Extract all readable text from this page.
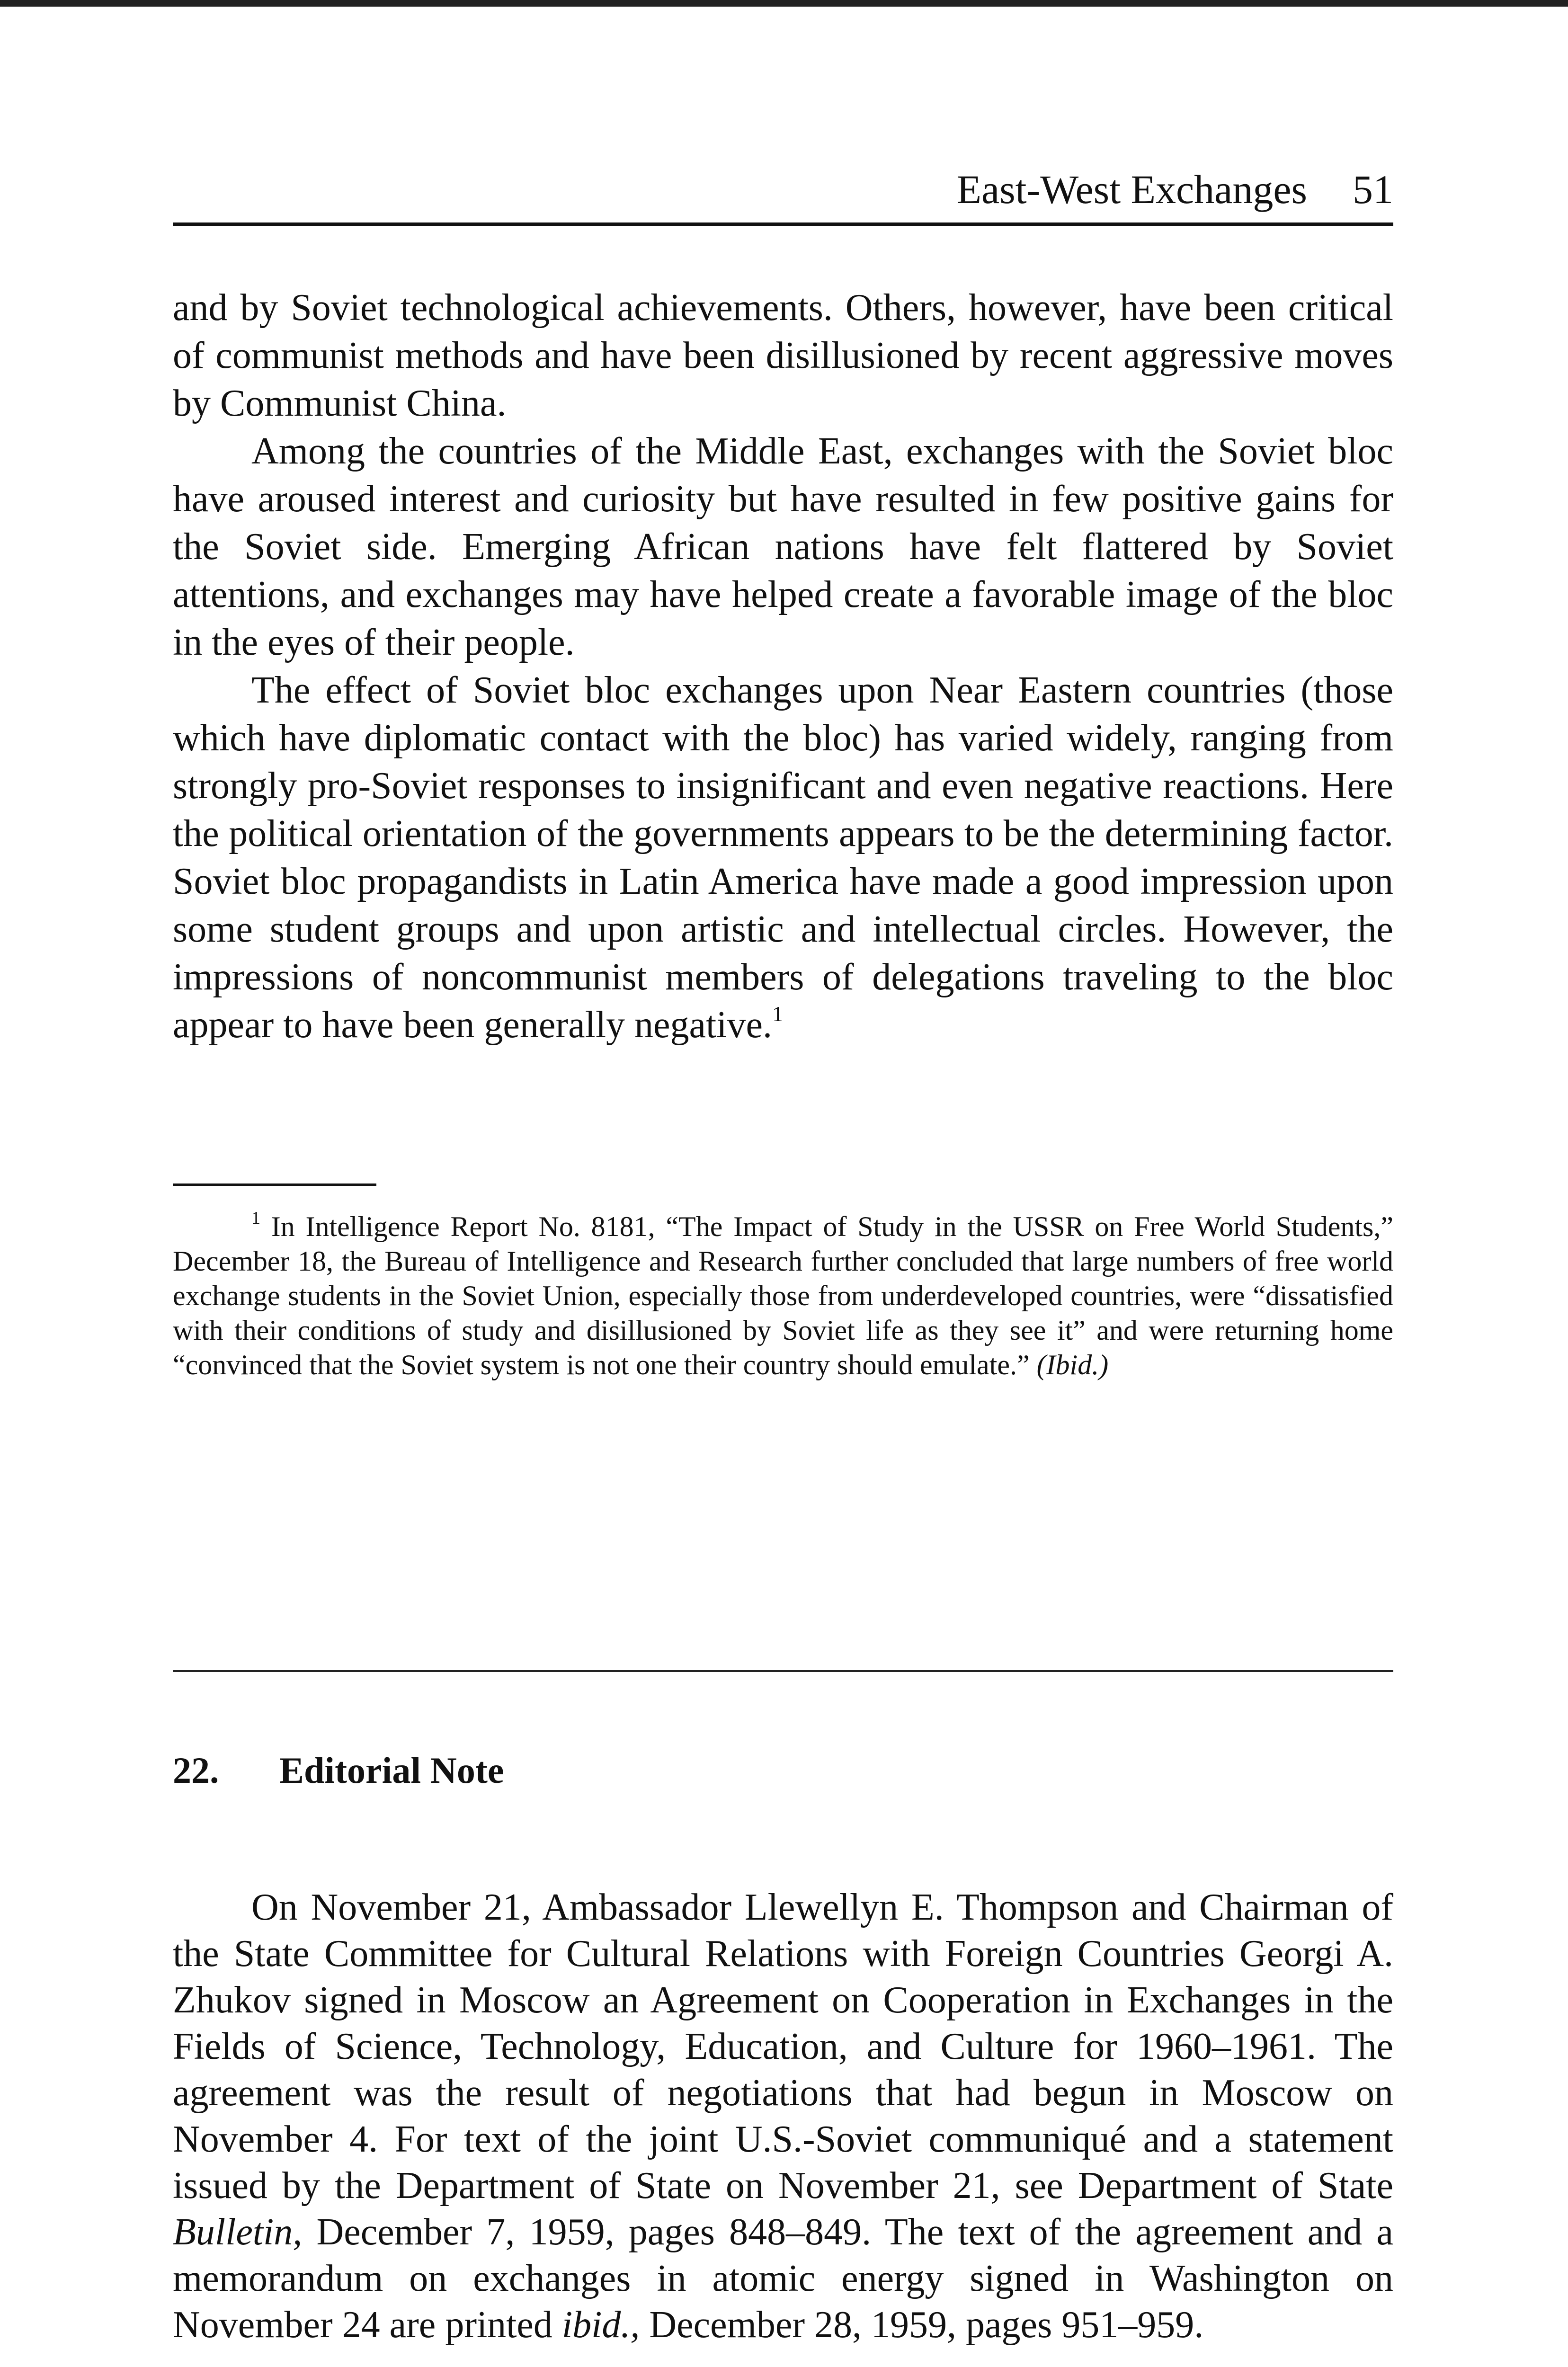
East-West Exchanges 51

and by Soviet technological achievements. Others, however, have been critical of communist methods and have been disillusioned by recent aggressive moves by Communist China.

Among the countries of the Middle East, exchanges with the Soviet bloc have aroused interest and curiosity but have resulted in few positive gains for the Soviet side. Emerging African nations have felt flattered by Soviet attentions, and exchanges may have helped create a favorable image of the bloc in the eyes of their people.

The effect of Soviet bloc exchanges upon Near Eastern countries (those which have diplomatic contact with the bloc) has varied widely, ranging from strongly pro-Soviet responses to insignificant and even negative reactions. Here the political orientation of the governments appears to be the determining factor. Soviet bloc propagandists in Latin America have made a good impression upon some student groups and upon artistic and intellectual circles. However, the impressions of noncommunist members of delegations traveling to the bloc appear to have been generally negative.$^1$

$^1$ In Intelligence Report No. 8181, “The Impact of Study in the USSR on Free World Students,” December 18, the Bureau of Intelligence and Research further concluded that large numbers of free world exchange students in the Soviet Union, especially those from underdeveloped countries, were “dissatisfied with their conditions of study and disillusioned by Soviet life as they see it” and were returning home “convinced that the Soviet system is not one their country should emulate.” (Ibid.)

22. Editorial Note

On November 21, Ambassador Llewellyn E. Thompson and Chairman of the State Committee for Cultural Relations with Foreign Countries Georgi A. Zhukov signed in Moscow an Agreement on Cooperation in Exchanges in the Fields of Science, Technology, Education, and Culture for 1960–1961. The agreement was the result of negotiations that had begun in Moscow on November 4. For text of the joint U.S.-Soviet communiqué and a statement issued by the Department of State on November 21, see Department of State Bulletin, December 7, 1959, pages 848–849. The text of the agreement and a memorandum on exchanges in atomic energy signed in Washington on November 24 are printed ibid., December 28, 1959, pages 951–959.
